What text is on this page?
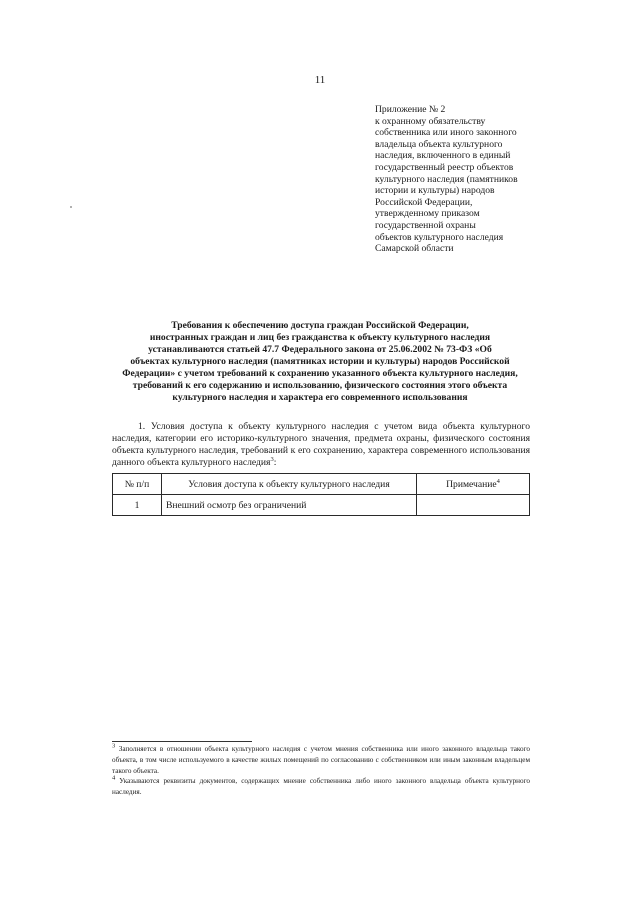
11
Приложение № 2
к охранному обязательству
собственника или иного законного
владельца объекта культурного
наследия, включенного в единый
государственный реестр объектов
культурного наследия (памятников
истории и культуры) народов
Российской Федерации,
утвержденному приказом
государственной охраны
объектов культурного наследия
Самарской области
Требования к обеспечению доступа граждан Российской Федерации,
иностранных граждан и лиц без гражданства к объекту культурного наследия
устанавливаются статьей 47.7 Федерального закона от 25.06.2002 № 73-ФЗ «Об
объектах культурного наследия (памятниках истории и культуры) народов Российской
Федерации» с учетом требований к сохранению указанного объекта культурного наследия,
требований к его содержанию и использованию, физического состояния этого объекта
культурного наследия и характера его современного использования
1. Условия доступа к объекту культурного наследия с учетом вида объекта культурного наследия, категории его историко-культурного значения, предмета охраны, физического состояния объекта культурного наследия, требований к его сохранению, характера современного использования данного объекта культурного наследия$^3$:
№ п/п	Условия доступа к объекту культурного наследия	Примечание$^4$
1	Внешний осмотр без ограничений	

$^3$ Заполняется в отношении объекта культурного наследия с учетом мнения собственника или иного законного владельца такого объекта, в том числе используемого в качестве жилых помещений по согласованию с собственником или иным законным владельцем такого объекта.

$^4$ Указываются реквизиты документов, содержащих мнение собственника либо иного законного владельца объекта культурного наследия.
